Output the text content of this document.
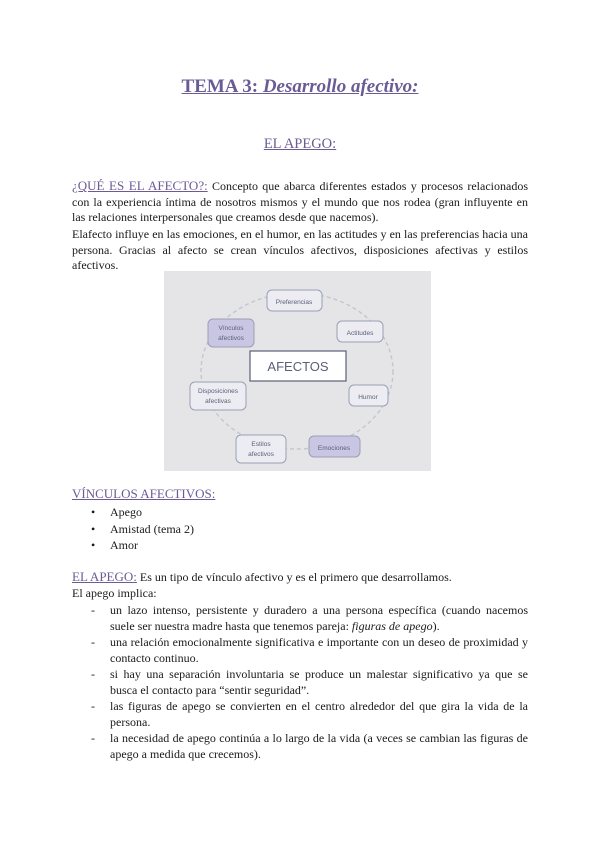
TEMA 3: Desarrollo afectivo:
EL APEGO:

¿QUÉ ES EL AFECTO?: Concepto que abarca diferentes estados y procesos relacionados con la experiencia íntima de nosotros mismos y el mundo que nos rodea (gran influyente en las relaciones interpersonales que creamos desde que nacemos).

Elafecto influye en las emociones, en el humor, en las actitudes y en las preferencias hacia una persona. Gracias al afecto se crean vínculos afectivos, disposiciones afectivas y estilos afectivos.

AFECTOS
Preferencias
Actitudes
Humor
Emociones
Estilos
afectivos
Disposiciones
afectivas
Vínculos
afectivos
VÍNCULOS AFECTIVOS:
• Apego
• Amistad (tema 2)
• Amor

EL APEGO: Es un tipo de vínculo afectivo y es el primero que desarrollamos.

El apego implica:

- un lazo intenso, persistente y duradero a una persona específica (cuando nacemos suele ser nuestra madre hasta que tenemos pareja: figuras de apego).
- una relación emocionalmente significativa e importante con un deseo de proximidad y contacto continuo.
- si hay una separación involuntaria se produce un malestar significativo ya que se busca el contacto para “sentir seguridad”.
- las figuras de apego se convierten en el centro alrededor del que gira la vida de la persona.
- la necesidad de apego continúa a lo largo de la vida (a veces se cambian las figuras de apego a medida que crecemos).
